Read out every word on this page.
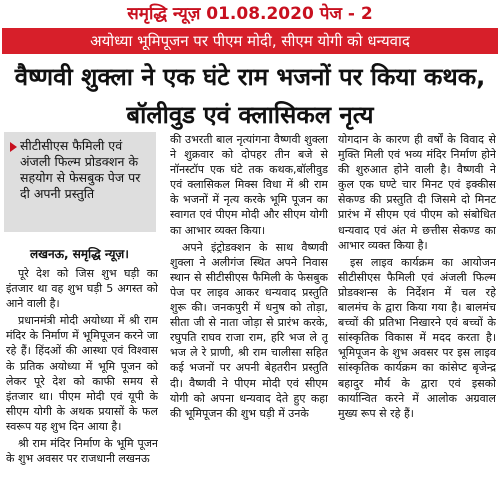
समृद्धि न्यूज़ 01.08.2020 पेज - 2
अयोध्या भूमिपूजन पर पीएम मोदी, सीएम योगी को धन्यवाद
वैष्णवी शुक्ला ने एक घंटे राम भजनों पर किया कथक, बॉलीवुड एवं क्लासिकल नृत्य
सीटीसीएस फैमिली एवं अंजली फिल्म प्रोडक्शन के सहयोग से फेसबुक पेज पर दी अपनी प्रस्तुति
लखनऊ, समृद्धि न्यूज़।

पूरे देश को जिस शुभ घड़ी का इंतजार था वह शुभ घड़ी 5 अगस्त को आने वाली है।

प्रधानमंत्री मोदी अयोध्या में श्री राम मंदिर के निर्माण में भूमिपूजन करने जा रहे हैं। हिंदओं की आस्था एवं विश्वास के प्रतिक अयोध्या में भूमि पूजन को लेकर पूरे देश को काफी समय से इंतजार था। पीएम मोदी एवं यूपी के सीएम योगी के अथक प्रयासों के फल स्वरूप यह शुभ दिन आया है।

श्री राम मंदिर निर्माण के भूमि पूजन के शुभ अवसर पर राजधानी लखनऊ

की उभरती बाल नृत्यांगना वैष्णवी शुक्ला ने शुक्रवार को दोपहर तीन बजे से नॉनस्टॉप एक घंटे तक कथक,बॉलीवुड एवं क्लासिकल मिक्स विधा में श्री राम के भजनों में नृत्य करके भूमि पूजन का स्वागत एवं पीएम मोदी और सीएम योगी का आभार व्यक्त किया।

अपने इंट्रोडक्शन के साथ वैष्णवी शुक्ला ने अलीगंज स्थित अपने निवास स्थान से सीटीसीएस फैमिली के फेसबुक पेज पर लाइव आकर धन्यवाद प्रस्तुति शुरू की। जनकपुरी में धनुष को तोड़ा, सीता जी से नाता जोड़ा से प्रारंभ करके, रघुपति राघव राजा राम, हरि भज ले तू भज ले रे प्राणी, श्री राम चालीसा सहित कई भजनों पर अपनी बेहतरीन प्रस्तुति दी। वैष्णवी ने पीएम मोदी एवं सीएम योगी को अपना धन्यवाद देते हुए कहा की भूमिपूजन की शुभ घड़ी में उनके

योगदान के कारण ही वर्षों के विवाद से मुक्ति मिली एवं भव्य मंदिर निर्माण होने की शुरुआत होने वाली है। वैष्णवी ने कुल एक घण्टे चार मिनट एवं इक्कीस सेकण्ड की प्रस्तुति दी जिसमे दो मिनट प्रारंभ में सीएम एवं पीएम को संबोधित धन्यवाद एवं अंत मे छत्तीस सेकण्ड का आभार व्यक्त किया है।

इस लाइव कार्यक्रम का आयोजन सीटीसीएस फैमिली एवं अंजली फिल्म प्रोडक्शन्स के निर्देशन में चल रहे बालमंच के द्वारा किया गया है। बालमंच बच्चों की प्रतिभा निखारने एवं बच्चों के सांस्कृतिक विकास में मदद करता है। भूमिपूजन के शुभ अवसर पर इस लाइव सांस्कृतिक कार्यक्रम का कांसेप्ट बृजेन्द्र बहादुर मौर्य के द्वारा एवं इसको कार्यान्वित करने में आलोक अग्रवाल मुख्य रूप से रहे हैं।
